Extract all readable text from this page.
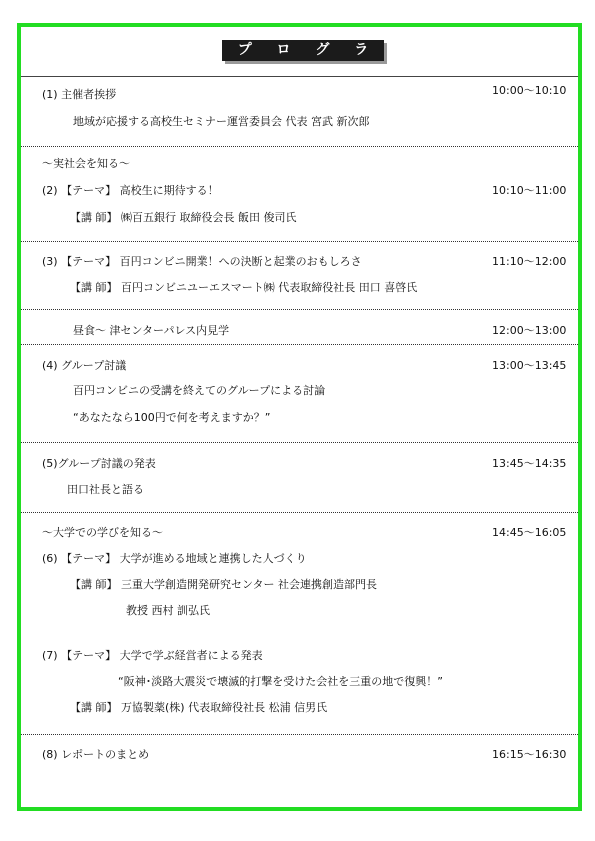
プ ロ グ ラ ム
(1) 主催者挨拶	10:00〜10:10
地域が応援する高校生セミナー運営委員会 代表 宮武 新次郎
〜実社会を知る〜
(2) 【テーマ】 高校生に期待する！	10:10〜11:00
【講 師】 ㈱百五銀行 取締役会長 飯田 俊司氏
(3) 【テーマ】 百円コンビニ開業！への決断と起業のおもしろさ	11:10〜12:00
【講 師】 百円コンビニユーエスマート㈱ 代表取締役社長 田口 喜啓氏
昼食〜 津センターパレス内見学	12:00〜13:00
(4) グループ討議	13:00〜13:45
百円コンビニの受講を終えてのグループによる討論
“あなたなら100円で何を考えますか？”
(5)グループ討議の発表	13:45〜14:35
田口社長と語る
〜大学での学びを知る〜	14:45〜16:05
(6) 【テーマ】 大学が進める地域と連携した人づくり
【講 師】 三重大学創造開発研究センター 社会連携創造部門長
教授 西村 訓弘氏
(7) 【テーマ】 大学で学ぶ経営者による発表
“阪神･淡路大震災で壊滅的打撃を受けた会社を三重の地で復興！”
【講 師】 万協製薬(株) 代表取締役社長 松浦 信男氏
(8) レポートのまとめ	16:15〜16:30
